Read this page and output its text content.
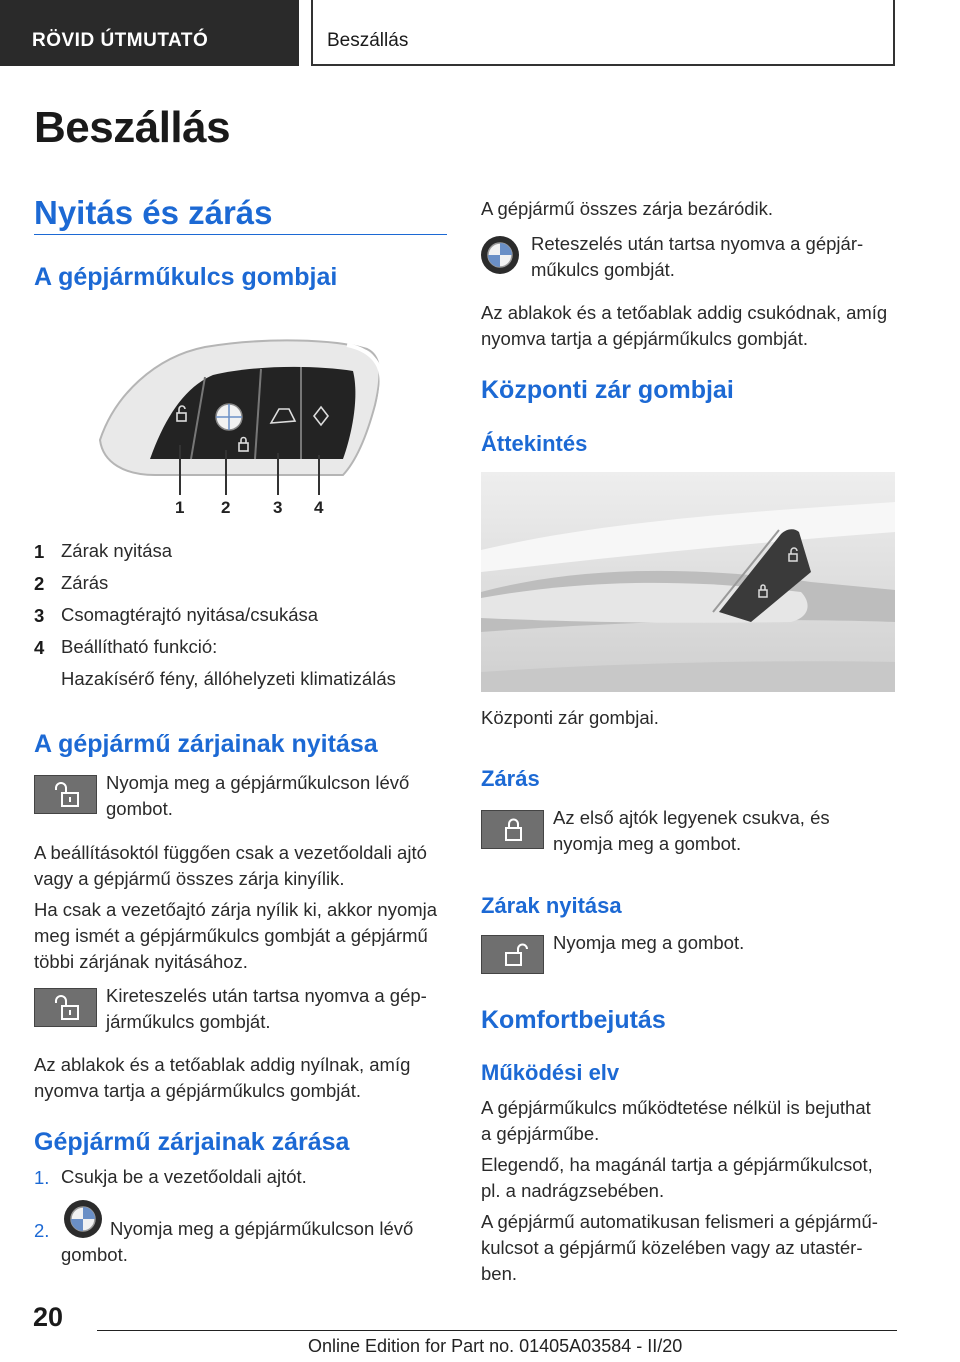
RÖVID ÚTMUTATÓ	Beszállás
Beszállás
Nyitás és zárás
A gépjárműkulcs gombjai
1 2	3 4
1 Zárak nyitása
2 Zárás
3 Csomagtérajtó nyitása/csukása
4 Beállítható funkció:
Hazakísérő fény, állóhelyzeti klimatizálás
A gépjármű zárjainak nyitása
Nyomja meg a gépjárműkulcson lévő
gombot.
A beállításoktól függően csak a vezetőoldali ajtó
vagy a gépjármű összes zárja kinyílik.
Ha csak a vezetőajtó zárja nyílik ki, akkor nyomja
meg ismét a gépjárműkulcs gombját a gépjármű
többi zárjának nyitásához.
Kireteszelés után tartsa nyomva a gép-
járműkulcs gombját.
Az ablakok és a tetőablak addig nyílnak, amíg
nyomva tartja a gépjárműkulcs gombját.
Gépjármű zárjainak zárása
1. Csukja be a vezetőoldali ajtót.
2.	Nyomja meg a gépjárműkulcson lévő
gombot.
A gépjármű összes zárja bezáródik.
Reteszelés után tartsa nyomva a gépjár-
műkulcs gombját.
Az ablakok és a tetőablak addig csukódnak, amíg
nyomva tartja a gépjárműkulcs gombját.
Központi zár gombjai
Áttekintés
Központi zár gombjai.
Zárás
Az első ajtók legyenek csukva, és
nyomja meg a gombot.
Zárak nyitása
Nyomja meg a gombot.
Komfortbejutás
Működési elv
A gépjárműkulcs működtetése nélkül is bejuthat
a gépjárműbe.
Elegendő, ha magánál tartja a gépjárműkulcsot,
pl. a nadrágzsebében.
A gépjármű automatikusan felismeri a gépjármű-
kulcsot a gépjármű közelében vagy az utastér-
ben.
20
Online Edition for Part no. 01405A03584 - II/20
